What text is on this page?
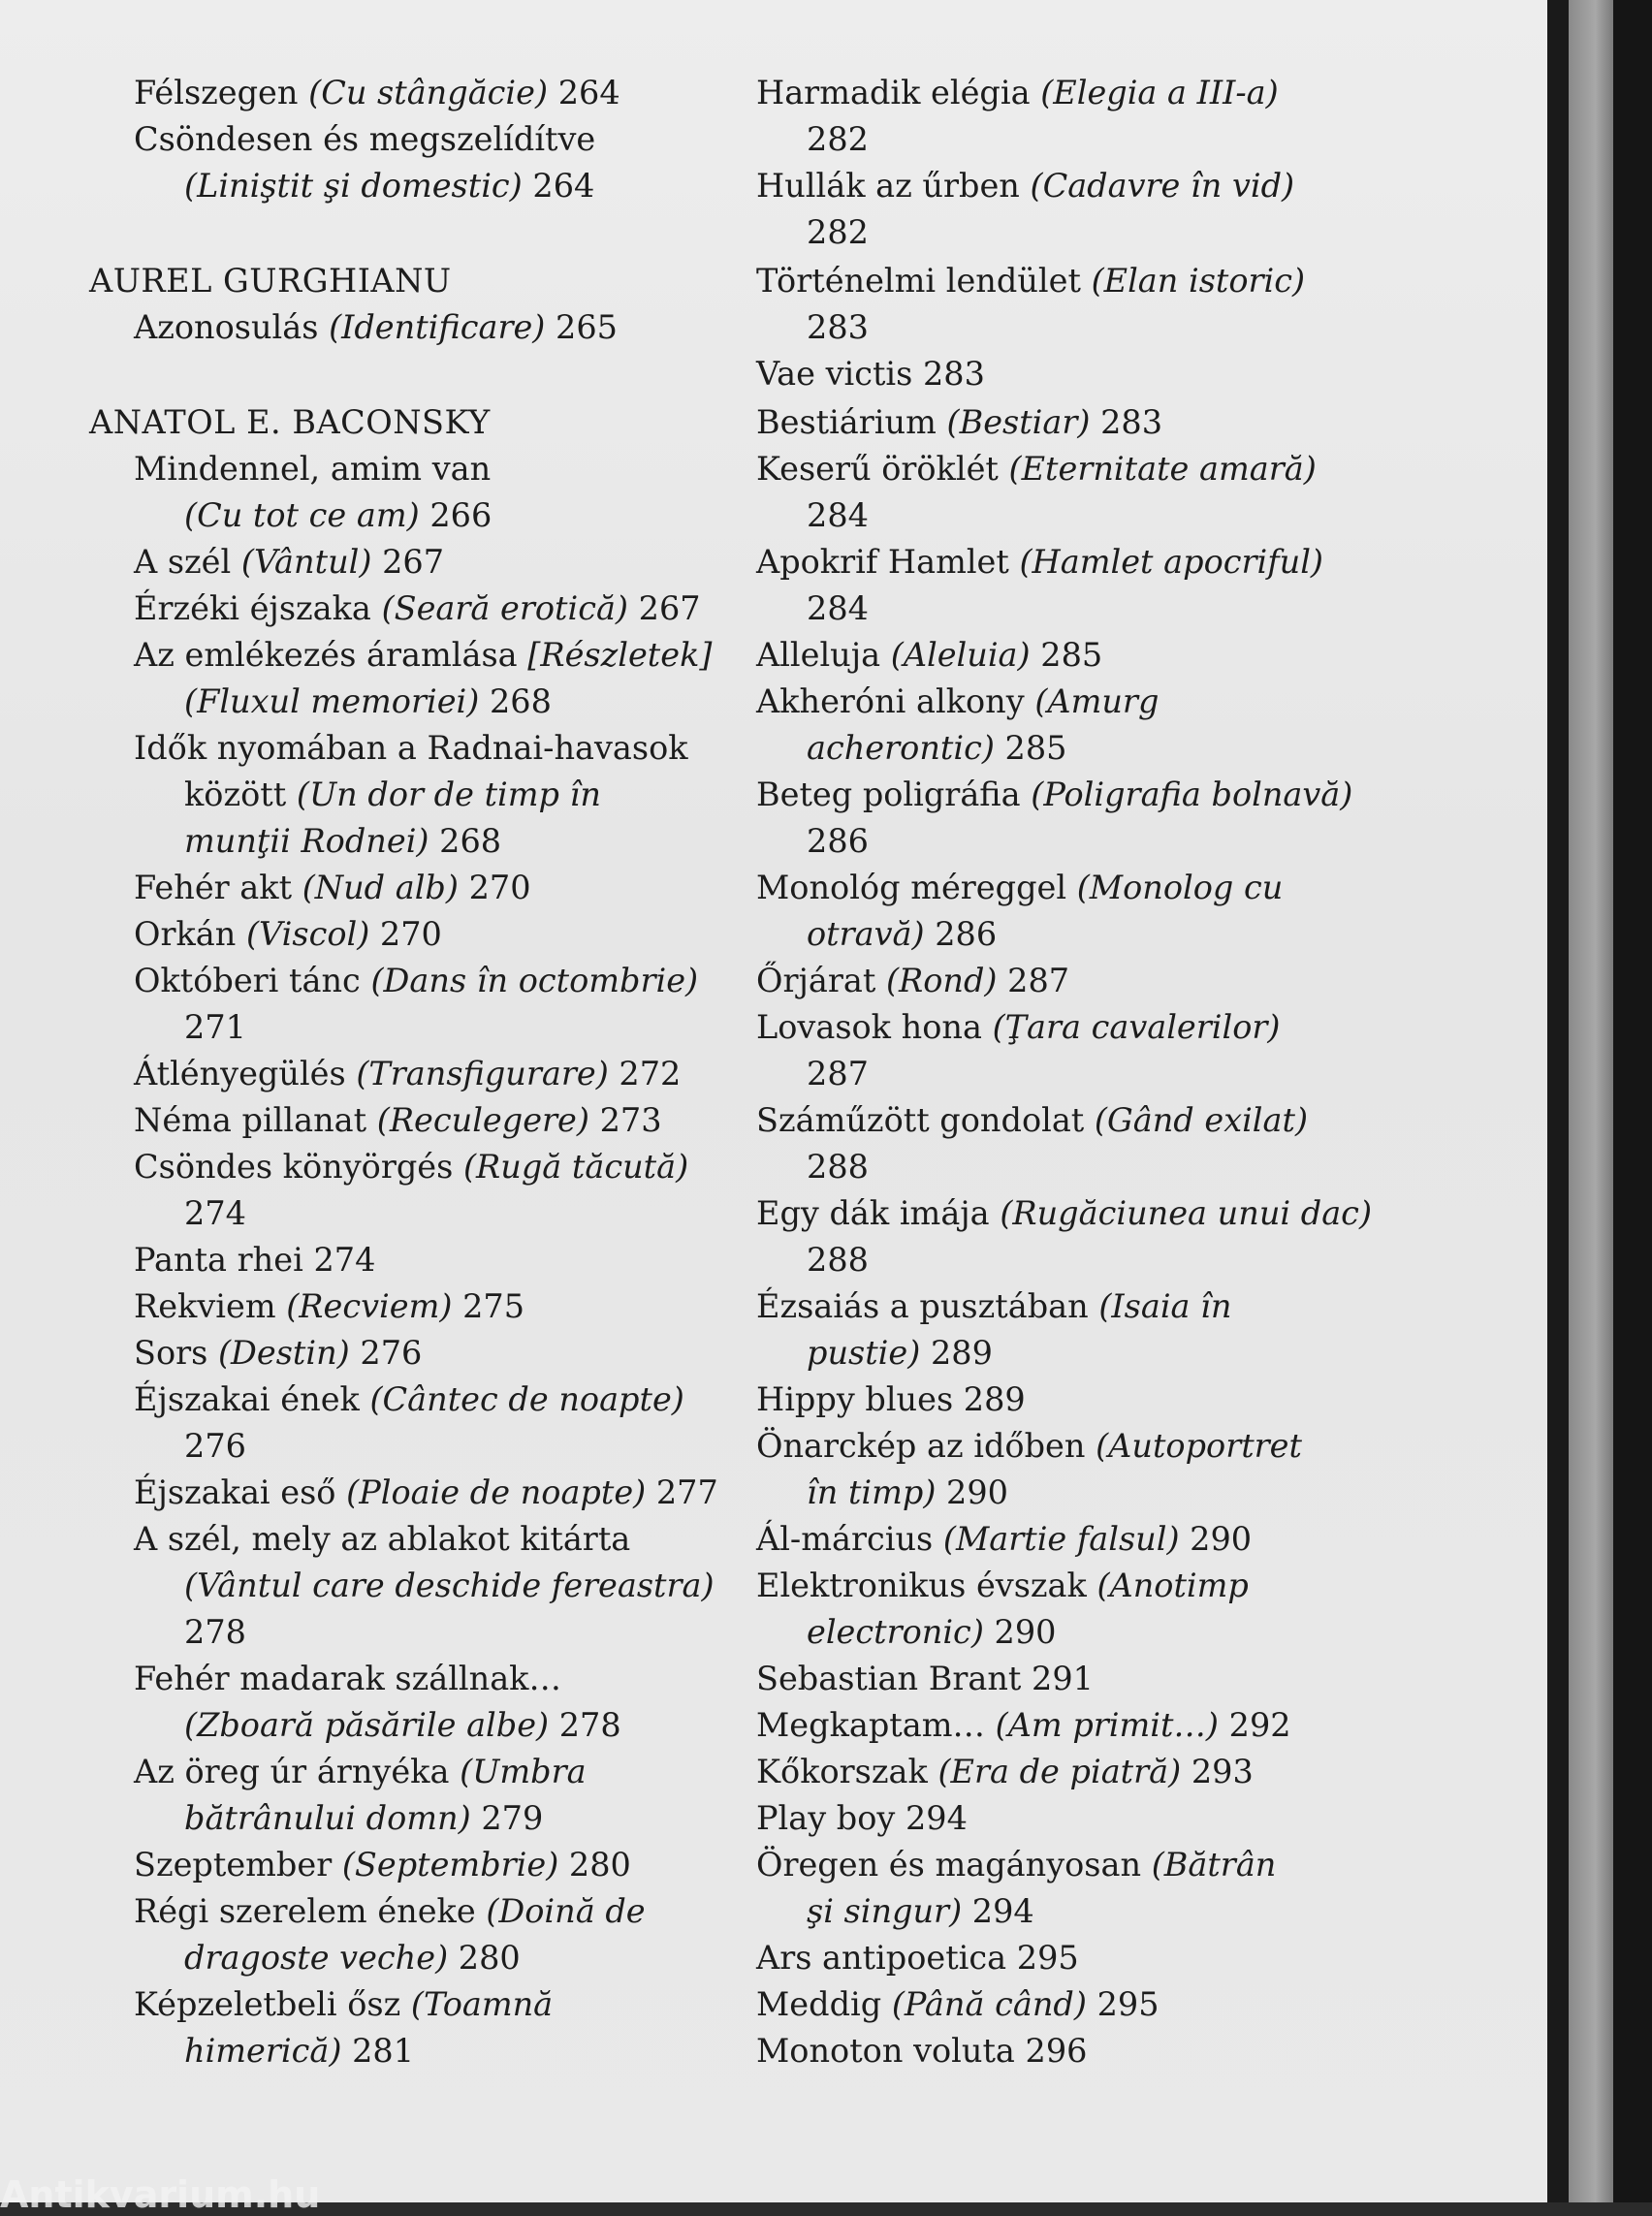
Félszegen (Cu stângăcie) 264
Csöndesen és megszelídítve
(Liniştit şi domestic) 264
AUREL GURGHIANU
Azonosulás (Identificare) 265
ANATOL E. BACONSKY
Mindennel, amim van
(Cu tot ce am) 266
A szél (Vântul) 267
Érzéki éjszaka (Seară erotică) 267
Az emlékezés áramlása [Részletek]
(Fluxul memoriei) 268
Idők nyomában a Radnai-havasok
között (Un dor de timp în
munţii Rodnei) 268
Fehér akt (Nud alb) 270
Orkán (Viscol) 270
Októberi tánc (Dans în octombrie)
271
Átlényegülés (Transfigurare) 272
Néma pillanat (Reculegere) 273
Csöndes könyörgés (Rugă tăcută)
274
Panta rhei 274
Rekviem (Recviem) 275
Sors (Destin) 276
Éjszakai ének (Cântec de noapte)
276
Éjszakai eső (Ploaie de noapte) 277
A szél, mely az ablakot kitárta
(Vântul care deschide fereastra)
278
Fehér madarak szállnak…
(Zboară păsările albe) 278
Az öreg úr árnyéka (Umbra
bătrânului domn) 279
Szeptember (Septembrie) 280
Régi szerelem éneke (Doină de
dragoste veche) 280
Képzeletbeli ősz (Toamnă
himerică) 281
Harmadik elégia (Elegia a III-a)
282
Hullák az űrben (Cadavre în vid)
282
Történelmi lendület (Elan istoric)
283
Vae victis 283
Bestiárium (Bestiar) 283
Keserű öröklét (Eternitate amară)
284
Apokrif Hamlet (Hamlet apocriful)
284
Alleluja (Aleluia) 285
Akheróni alkony (Amurg
acherontic) 285
Beteg poligráfia (Poligrafia bolnavă)
286
Monológ méreggel (Monolog cu
otravă) 286
Őrjárat (Rond) 287
Lovasok hona (Ţara cavalerilor)
287
Száműzött gondolat (Gând exilat)
288
Egy dák imája (Rugăciunea unui dac)
288
Ézsaiás a pusztában (Isaia în
pustie) 289
Hippy blues 289
Önarckép az időben (Autoportret
în timp) 290
Ál-március (Martie falsul) 290
Elektronikus évszak (Anotimp
electronic) 290
Sebastian Brant 291
Megkaptam… (Am primit…) 292
Kőkorszak (Era de piatră) 293
Play boy 294
Öregen és magányosan (Bătrân
şi singur) 294
Ars antipoetica 295
Meddig (Până când) 295
Monoton voluta 296
Antikvarium.hu
